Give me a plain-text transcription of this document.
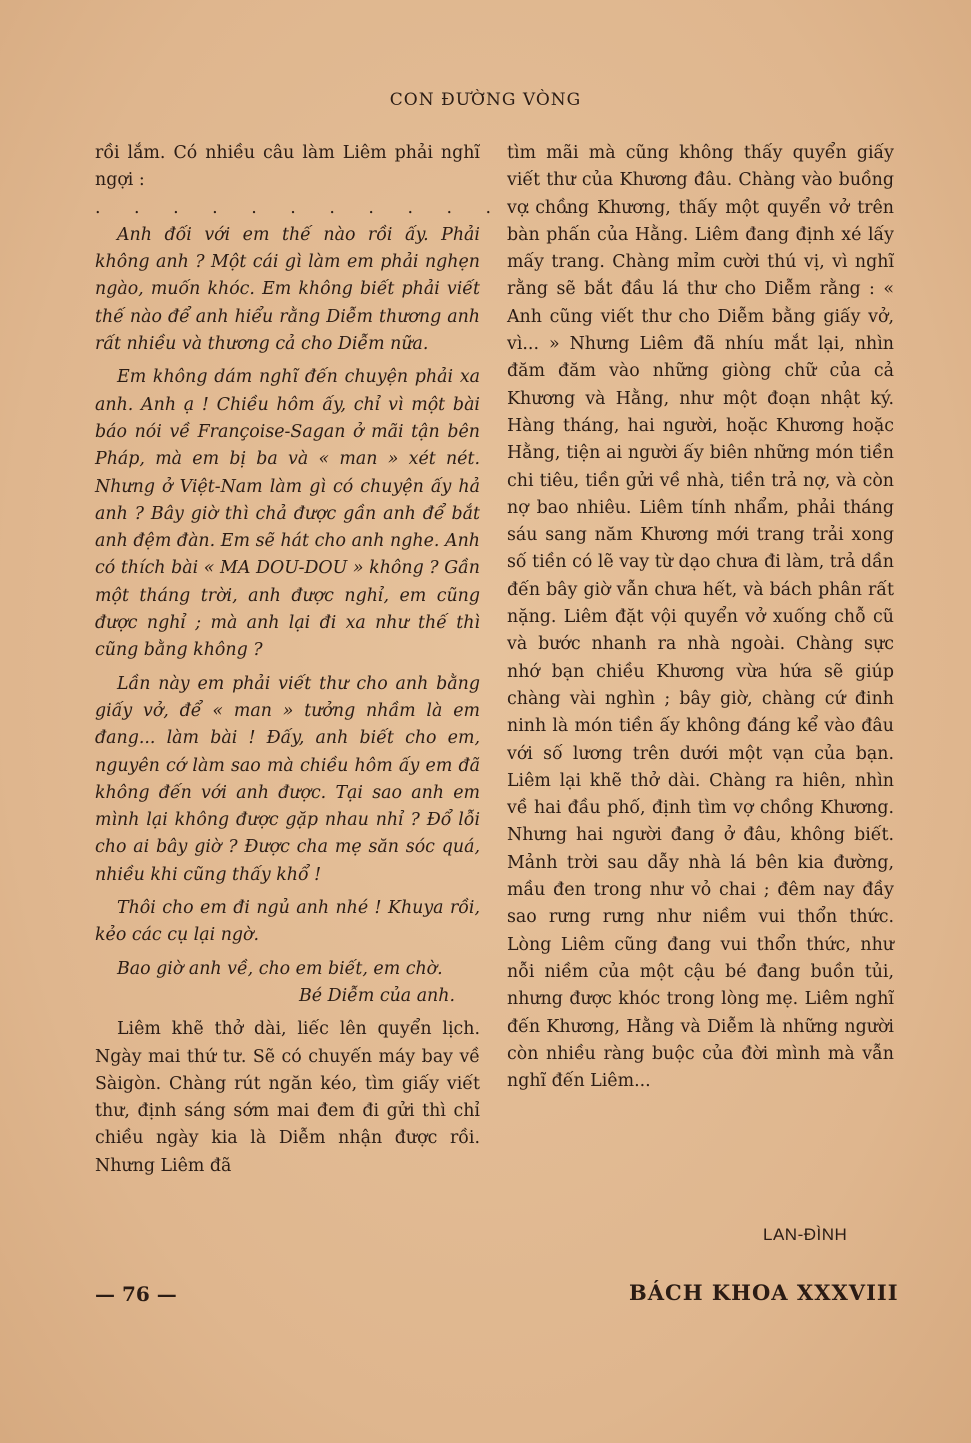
CON ĐƯỜNG VÒNG

rồi lắm. Có nhiều câu làm Liêm phải nghĩ ngợi :

. . . . . . . . . . . . . .

Anh đối với em thế nào rồi ấy. Phải không anh ? Một cái gì làm em phải nghẹn ngào, muốn khóc. Em không biết phải viết thế nào để anh hiểu rằng Diễm thương anh rất nhiều và thương cả cho Diễm nữa.

Em không dám nghĩ đến chuyện phải xa anh. Anh ạ ! Chiều hôm ấy, chỉ vì một bài báo nói về Françoise-Sagan ở mãi tận bên Pháp, mà em bị ba và « man » xét nét. Nhưng ở Việt-Nam làm gì có chuyện ấy hả anh ? Bây giờ thì chả được gần anh để bắt anh đệm đàn. Em sẽ hát cho anh nghe. Anh có thích bài « MA DOU-DOU » không ? Gần một tháng trời, anh được nghỉ, em cũng được nghỉ ; mà anh lại đi xa như thế thì cũng bằng không ?

Lần này em phải viết thư cho anh bằng giấy vở, để « man » tưởng nhầm là em đang... làm bài ! Đấy, anh biết cho em, nguyên cớ làm sao mà chiều hôm ấy em đã không đến với anh được. Tại sao anh em mình lại không được gặp nhau nhỉ ? Đổ lỗi cho ai bây giờ ? Được cha mẹ săn sóc quá, nhiều khi cũng thấy khổ !

Thôi cho em đi ngủ anh nhé ! Khuya rồi, kẻo các cụ lại ngờ.

Bao giờ anh về, cho em biết, em chờ.

Bé Diễm của anh.

Liêm khẽ thở dài, liếc lên quyển lịch. Ngày mai thứ tư. Sẽ có chuyến máy bay về Sàigòn. Chàng rút ngăn kéo, tìm giấy viết thư, định sáng sớm mai đem đi gửi thì chỉ chiều ngày kia là Diễm nhận được rồi. Nhưng Liêm đã

tìm mãi mà cũng không thấy quyển giấy viết thư của Khương đâu. Chàng vào buồng vợ chồng Khương, thấy một quyển vở trên bàn phấn của Hằng. Liêm đang định xé lấy mấy trang. Chàng mỉm cười thú vị, vì nghĩ rằng sẽ bắt đầu lá thư cho Diễm rằng : « Anh cũng viết thư cho Diễm bằng giấy vở, vì... » Nhưng Liêm đã nhíu mắt lại, nhìn đăm đăm vào những giòng chữ của cả Khương và Hằng, như một đoạn nhật ký. Hàng tháng, hai người, hoặc Khương hoặc Hằng, tiện ai người ấy biên những món tiền chi tiêu, tiền gửi về nhà, tiền trả nợ, và còn nợ bao nhiêu. Liêm tính nhẩm, phải tháng sáu sang năm Khương mới trang trải xong số tiền có lẽ vay từ dạo chưa đi làm, trả dần đến bây giờ vẫn chưa hết, và bách phân rất nặng. Liêm đặt vội quyển vở xuống chỗ cũ và bước nhanh ra nhà ngoài. Chàng sực nhớ bạn chiều Khương vừa hứa sẽ giúp chàng vài nghìn ; bây giờ, chàng cứ đinh ninh là món tiền ấy không đáng kể vào đâu với số lương trên dưới một vạn của bạn. Liêm lại khẽ thở dài. Chàng ra hiên, nhìn về hai đầu phố, định tìm vợ chồng Khương. Nhưng hai người đang ở đâu, không biết. Mảnh trời sau dẫy nhà lá bên kia đường, mầu đen trong như vỏ chai ; đêm nay đầy sao rưng rưng như niềm vui thổn thức. Lòng Liêm cũng đang vui thổn thức, như nỗi niềm của một cậu bé đang buồn tủi, nhưng được khóc trong lòng mẹ. Liêm nghĩ đến Khương, Hằng và Diễm là những người còn nhiều ràng buộc của đời mình mà vẫn nghĩ đến Liêm...

LAN-ĐÌNH
— 76 —	BÁCH KHOA XXXVIII
